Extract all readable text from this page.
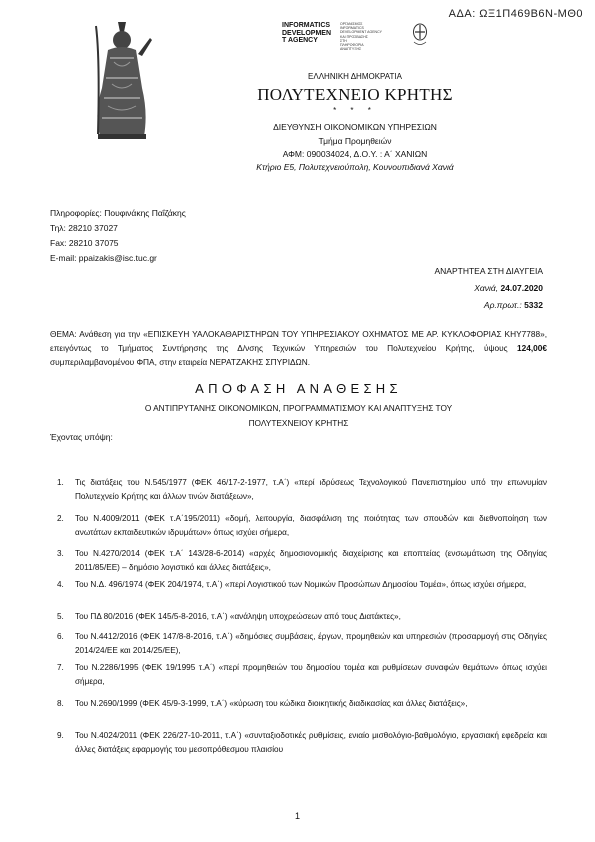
ΑΔΑ: ΩΞ1Π469Β6Ν-ΜΘ0
INFORMATICS
DEVELOPMEN
T AGENCY
ΟΡΓΑΝΙΣΜΟΣ
INFORMATICS
DEVELOPMENT AGENCY
ΚΑΙ ΠΡΟΣΒΑΣΗΣ
ΣΤΗ
ΠΛΗΡΟΦΟΡΙΑ
ΑΝΑΠΤΥΞΗΣ
ΕΛΛΗΝΙΚΗ ΔΗΜΟΚΡΑΤΙΑ
ΠΟΛΥΤΕΧΝΕΙΟ ΚΡΗΤΗΣ
* * *
ΔΙΕΥΘΥΝΣΗ ΟΙΚΟΝΟΜΙΚΩΝ ΥΠΗΡΕΣΙΩΝ
Τμήμα Προμηθειών
ΑΦΜ: 090034024, Δ.Ο.Υ. : Α΄ ΧΑΝΙΩΝ
Κτήριο Ε5, Πολυτεχνειούπολη, Κουνουπιδιανά Χανιά
Πληροφορίες: Πουφινάκης Παΐζάκης
Τηλ: 28210 37027
Fax: 28210 37075
E-mail: ppaizakis@isc.tuc.gr
ΑΝΑΡΤΗΤΕΑ ΣΤΗ ΔΙΑΥΓΕΙΑ
Χανιά, 24.07.2020
Αρ.πρωτ.: 5332
ΘΕΜΑ: Ανάθεση για την «ΕΠΙΣΚΕΥΗ ΥΑΛΟΚΑΘΑΡΙΣΤΗΡΩΝ ΤΟΥ ΥΠΗΡΕΣΙΑΚΟΥ ΟΧΗΜΑΤΟΣ ΜΕ ΑΡ. ΚΥΚΛΟΦΟΡΙΑΣ ΚΗΥ7788», επειγόντως το Τμήματος Συντήρησης της Δ/νσης Τεχνικών Υπηρεσιών του Πολυτεχνείου Κρήτης, ύψους 124,00€ συμπεριλαμβανομένου ΦΠΑ, στην εταιρεία ΝΕΡΑΤΖΑΚΗΣ ΣΠΥΡΙΔΩΝ.
ΑΠΟΦΑΣΗ ΑΝΑΘΕΣΗΣ
Ο ΑΝΤΙΠΡΥΤΑΝΗΣ ΟΙΚΟΝΟΜΙΚΩΝ, ΠΡΟΓΡΑΜΜΑΤΙΣΜΟΥ ΚΑΙ ΑΝΑΠΤΥΞΗΣ ΤΟΥ
ΠΟΛΥΤΕΧΝΕΙΟΥ ΚΡΗΤΗΣ
Έχοντας υπόψη:
1. Τις διατάξεις του Ν.545/1977 (ΦΕΚ 46/17-2-1977, τ.Α΄) «περί ιδρύσεως Τεχνολογικού Πανεπιστημίου υπό την επωνυμίαν Πολυτεχνείο Κρήτης και άλλων τινών διατάξεων»,
2. Του Ν.4009/2011 (ΦΕΚ τ.Α΄195/2011) «δομή, λειτουργία, διασφάλιση της ποιότητας των σπουδών και διεθνοποίηση των ανωτάτων εκπαιδευτικών ιδρυμάτων» όπως ισχύει σήμερα,
3. Του Ν.4270/2014 (ΦΕΚ τ.Α΄ 143/28-6-2014) «αρχές δημοσιονομικής διαχείρισης και εποπτείας (ενσωμάτωση της Οδηγίας 2011/85/ΕΕ) – δημόσιο λογιστικό και άλλες διατάξεις»,
4. Του Ν.Δ. 496/1974 (ΦΕΚ 204/1974, τ.Α΄) «περί Λογιστικού των Νομικών Προσώπων Δημοσίου Τομέα», όπως ισχύει σήμερα,
5. Του ΠΔ 80/2016 (ΦΕΚ 145/5-8-2016, τ.Α΄) «ανάληψη υποχρεώσεων από τους Διατάκτες»,
6. Του Ν.4412/2016 (ΦΕΚ 147/8-8-2016, τ.Α΄) «δημόσιες συμβάσεις, έργων, προμηθειών και υπηρεσιών (προσαρμογή στις Οδηγίες 2014/24/ΕΕ και 2014/25/ΕΕ),
7. Του Ν.2286/1995 (ΦΕΚ 19/1995 τ.Α΄) «περί προμηθειών του δημοσίου τομέα και ρυθμίσεων συναφών θεμάτων» όπως ισχύει σήμερα,
8. Του Ν.2690/1999 (ΦΕΚ 45/9-3-1999, τ.Α΄) «κύρωση του κώδικα διοικητικής διαδικασίας και άλλες διατάξεις»,
9. Του Ν.4024/2011 (ΦΕΚ 226/27-10-2011, τ.Α΄) «συνταξιοδοτικές ρυθμίσεις, ενιαίο μισθολόγιο-βαθμολόγιο, εργασιακή εφεδρεία και άλλες διατάξεις εφαρμογής του μεσοπρόθεσμου πλαισίου
1
